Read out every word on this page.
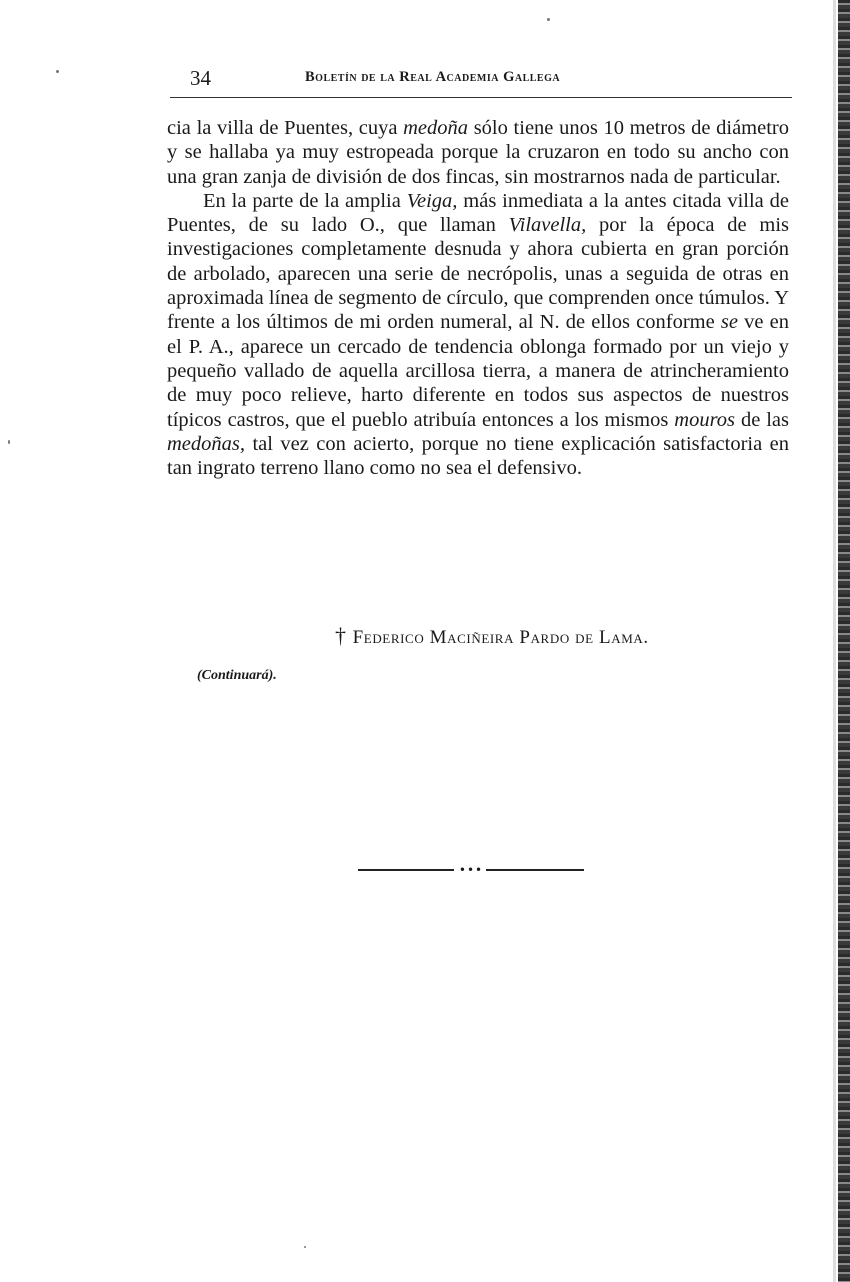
34	Boletín de la Real Academia Gallega

cia la villa de Puentes, cuya medoña sólo tiene unos 10 metros de diámetro y se hallaba ya muy estropeada porque la cruzaron en todo su ancho con una gran zanja de división de dos fincas, sin mostrarnos nada de particular.

En la parte de la amplia Veiga, más inmediata a la antes citada villa de Puentes, de su lado O., que llaman Vilavella, por la época de mis investigaciones completamente desnuda y ahora cubierta en gran porción de arbolado, aparecen una serie de necrópolis, unas a seguida de otras en aproximada línea de segmento de círculo, que comprenden once túmulos. Y frente a los últimos de mi orden numeral, al N. de ellos conforme se ve en el P. A., aparece un cercado de tendencia oblonga formado por un viejo y pequeño vallado de aquella arcillosa tierra, a manera de atrincheramiento de muy poco relieve, harto diferente en todos sus aspectos de nuestros típicos castros, que el pueblo atribuía entonces a los mismos mouros de las medoñas, tal vez con acierto, porque no tiene explicación satisfactoria en tan ingrato terreno llano como no sea el defensivo.

† Federico Maciñeira Pardo de Lama.
(Continuará).
•••
